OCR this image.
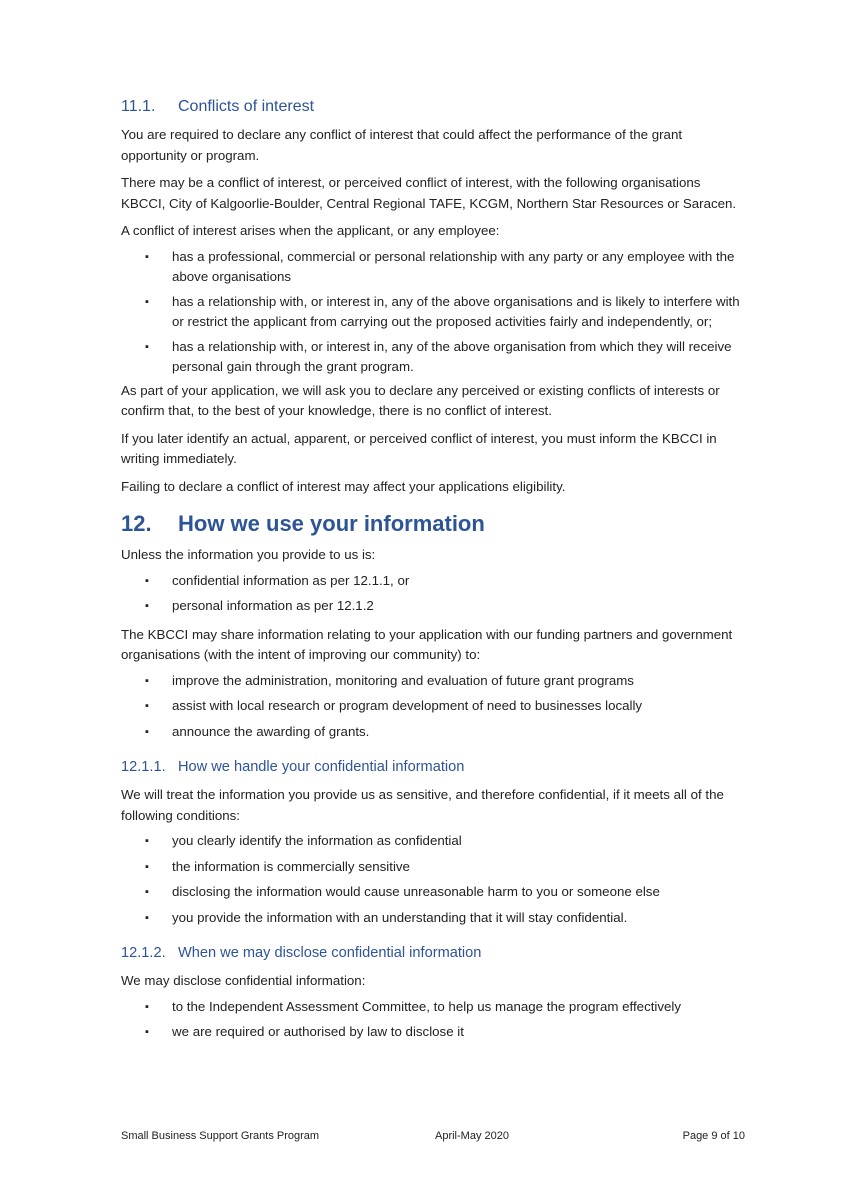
11.1. Conflicts of interest

You are required to declare any conflict of interest that could affect the performance of the grant opportunity or program.

There may be a conflict of interest, or perceived conflict of interest, with the following organisations KBCCI, City of Kalgoorlie-Boulder, Central Regional TAFE, KCGM, Northern Star Resources or Saracen.

A conflict of interest arises when the applicant, or any employee:

▪ has a professional, commercial or personal relationship with any party or any employee with the above organisations
▪ has a relationship with, or interest in, any of the above organisations and is likely to interfere with or restrict the applicant from carrying out the proposed activities fairly and independently, or;
▪ has a relationship with, or interest in, any of the above organisation from which they will receive personal gain through the grant program.

As part of your application, we will ask you to declare any perceived or existing conflicts of interests or confirm that, to the best of your knowledge, there is no conflict of interest.

If you later identify an actual, apparent, or perceived conflict of interest, you must inform the KBCCI in writing immediately.

Failing to declare a conflict of interest may affect your applications eligibility.

12. How we use your information

Unless the information you provide to us is:

▪ confidential information as per 12.1.1, or
▪ personal information as per 12.1.2

The KBCCI may share information relating to your application with our funding partners and government organisations (with the intent of improving our community) to:

▪ improve the administration, monitoring and evaluation of future grant programs
▪ assist with local research or program development of need to businesses locally
▪ announce the awarding of grants.
12.1.1. How we handle your confidential information

We will treat the information you provide us as sensitive, and therefore confidential, if it meets all of the following conditions:

▪ you clearly identify the information as confidential
▪ the information is commercially sensitive
▪ disclosing the information would cause unreasonable harm to you or someone else
▪ you provide the information with an understanding that it will stay confidential.
12.1.2. When we may disclose confidential information

We may disclose confidential information:

▪ to the Independent Assessment Committee, to help us manage the program effectively
▪ we are required or authorised by law to disclose it
Small Business Support Grants Program	April-May 2020	Page 9 of 10
